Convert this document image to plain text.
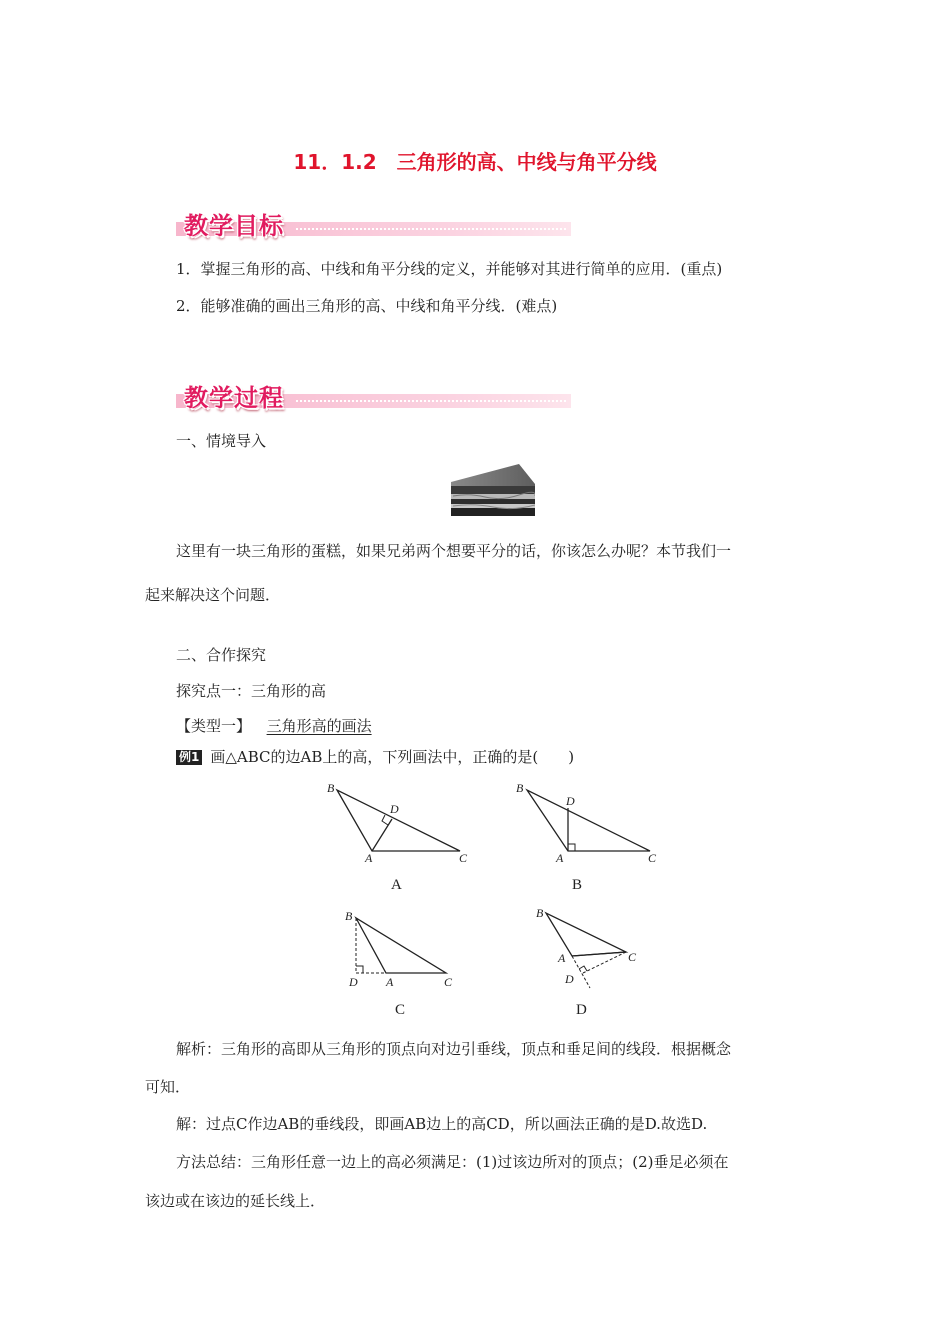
11．1.2　三角形的高、中线与角平分线
教学目标
1．掌握三角形的高、中线和角平分线的定义，并能够对其进行简单的应用．(重点)
2．能够准确的画出三角形的高、中线和角平分线．(难点)
教学过程
一、情境导入
这里有一块三角形的蛋糕，如果兄弟两个想要平分的话，你该怎么办呢？本节我们一
起来解决这个问题．
二、合作探究
探究点一：三角形的高
【类型一】 三角形高的画法
例1 画△ABC的边AB上的高，下列画法中，正确的是(　　)
B
D
A	C
A
B
D
A	C
B
B
D A	C
C
B
A	C
D
D
解析：三角形的高即从三角形的顶点向对边引垂线，顶点和垂足间的线段．根据概念
可知．
解：过点C作边AB的垂线段，即画AB边上的高CD，所以画法正确的是D.故选D.
方法总结：三角形任意一边上的高必须满足：(1)过该边所对的顶点；(2)垂足必须在
该边或在该边的延长线上．
